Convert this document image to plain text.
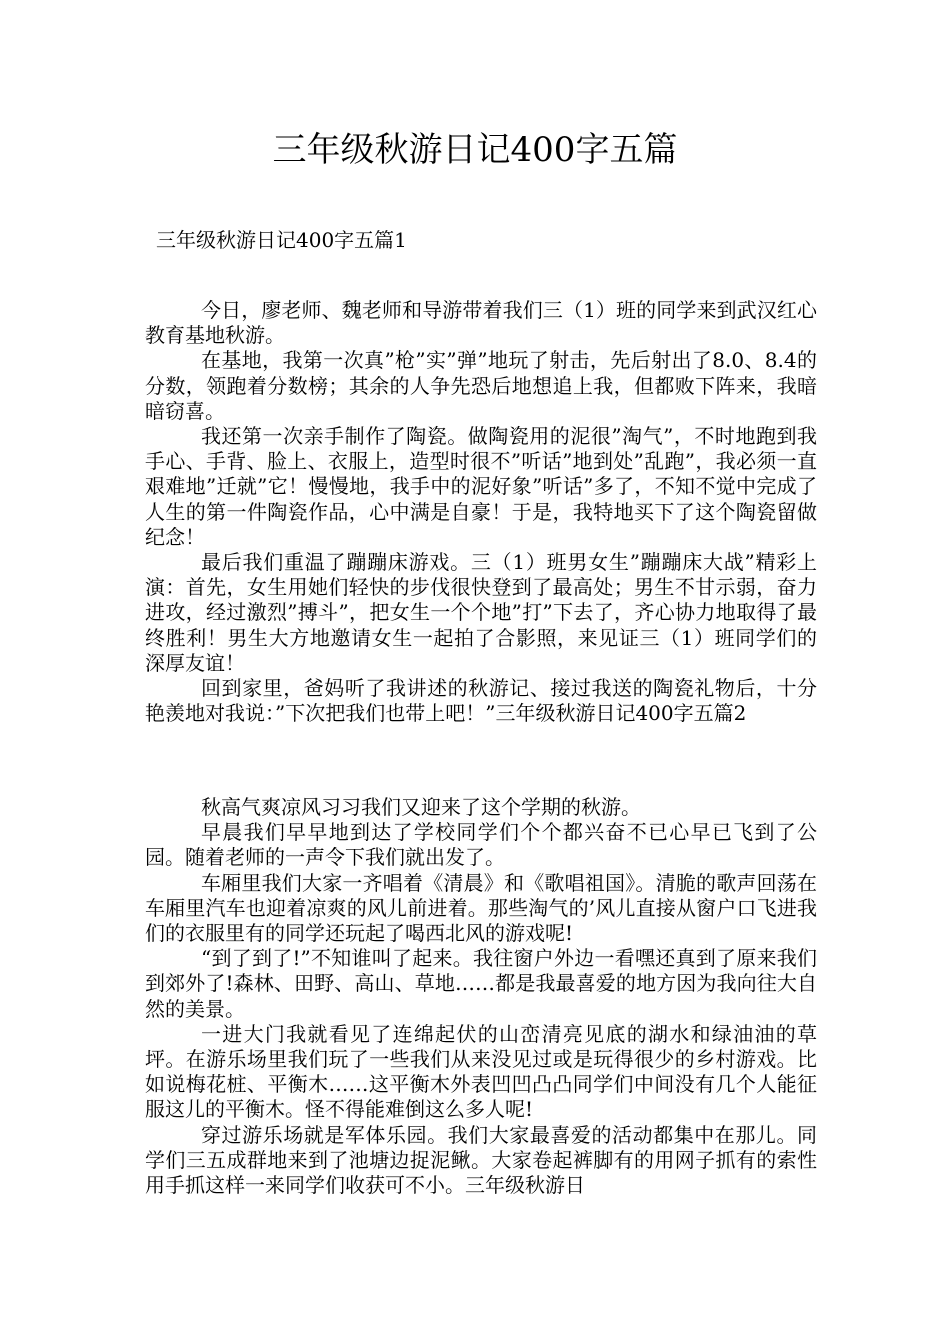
三年级秋游日记400字五篇
三年级秋游日记400字五篇1

今日，廖老师、魏老师和导游带着我们三（1）班的同学来到武汉红心教育基地秋游。

在基地，我第一次真”枪”实”弹”地玩了射击，先后射出了8.0、8.4的分数，领跑着分数榜；其余的人争先恐后地想追上我，但都败下阵来，我暗暗窃喜。

我还第一次亲手制作了陶瓷。做陶瓷用的泥很”淘气”，不时地跑到我手心、手背、脸上、衣服上，造型时很不”听话”地到处”乱跑”，我必须一直艰难地”迁就”它！慢慢地，我手中的泥好象”听话”多了，不知不觉中完成了人生的第一件陶瓷作品，心中满是自豪！于是，我特地买下了这个陶瓷留做纪念！

最后我们重温了蹦蹦床游戏。三（1）班男女生”蹦蹦床大战”精彩上演：首先，女生用她们轻快的步伐很快登到了最高处；男生不甘示弱，奋力进攻，经过激烈”搏斗”，把女生一个个地”打”下去了，齐心协力地取得了最终胜利！男生大方地邀请女生一起拍了合影照，来见证三（1）班同学们的深厚友谊！

回到家里，爸妈听了我讲述的秋游记、接过我送的陶瓷礼物后，十分艳羡地对我说：”下次把我们也带上吧！”三年级秋游日记400字五篇2

秋高气爽凉风习习我们又迎来了这个学期的秋游。

早晨我们早早地到达了学校同学们个个都兴奋不已心早已飞到了公园。随着老师的一声令下我们就出发了。

车厢里我们大家一齐唱着《清晨》和《歌唱祖国》。清脆的歌声回荡在车厢里汽车也迎着凉爽的风儿前进着。那些淘气的’风儿直接从窗户口飞进我们的衣服里有的同学还玩起了喝西北风的游戏呢!

“到了到了!”不知谁叫了起来。我往窗户外边一看嘿还真到了原来我们到郊外了!森林、田野、高山、草地……都是我最喜爱的地方因为我向往大自然的美景。

一进大门我就看见了连绵起伏的山峦清亮见底的湖水和绿油油的草坪。在游乐场里我们玩了一些我们从来没见过或是玩得很少的乡村游戏。比如说梅花桩、平衡木……这平衡木外表凹凹凸凸同学们中间没有几个人能征服这儿的平衡木。怪不得能难倒这么多人呢!

穿过游乐场就是军体乐园。我们大家最喜爱的活动都集中在那儿。同学们三五成群地来到了池塘边捉泥鳅。大家卷起裤脚有的用网子抓有的索性用手抓这样一来同学们收获可不小。三年级秋游日
